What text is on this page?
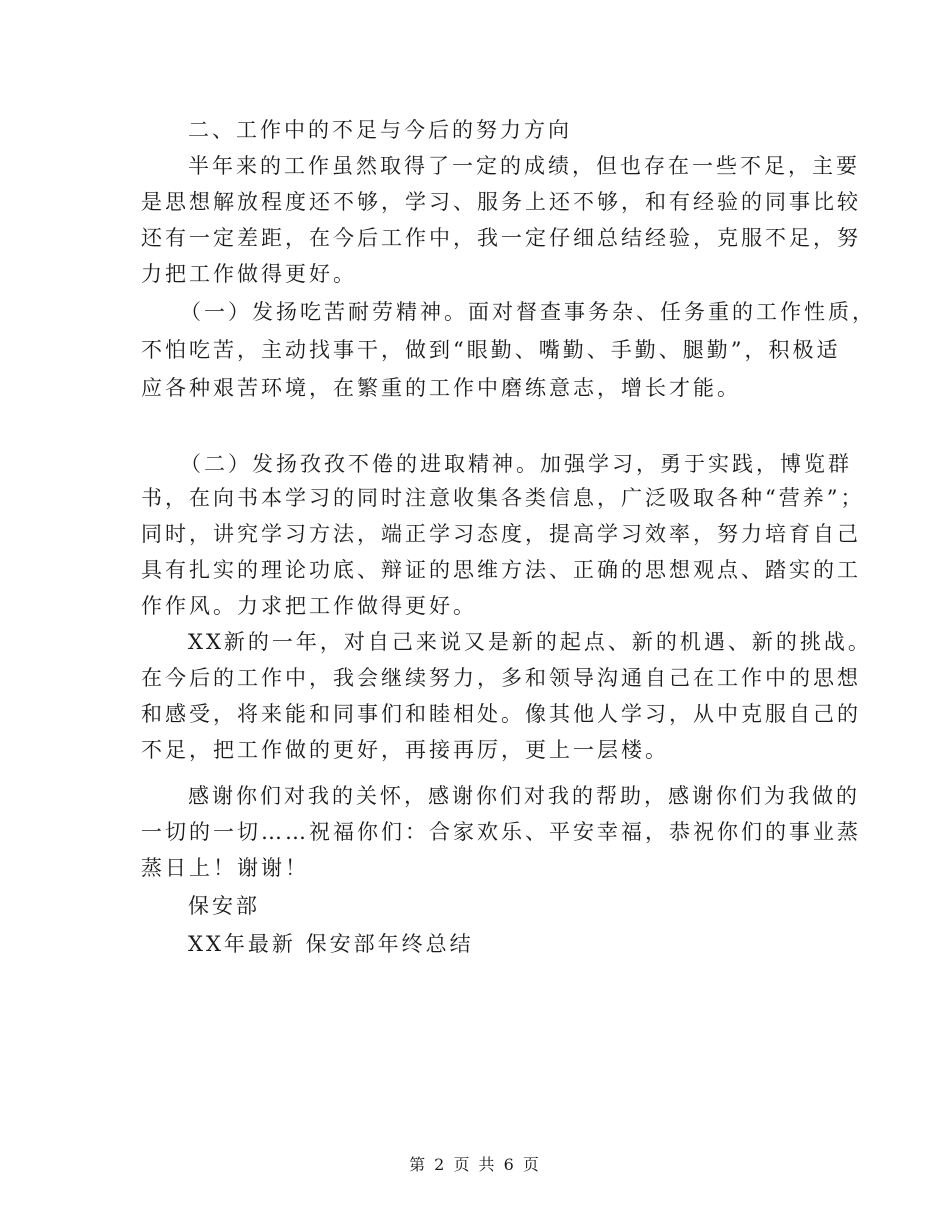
二、工作中的不足与今后的努力方向

半年来的工作虽然取得了一定的成绩，但也存在一些不足，主要

是思想解放程度还不够，学习、服务上还不够，和有经验的同事比较

还有一定差距，在今后工作中，我一定仔细总结经验，克服不足，努

力把工作做得更好。

（一）发扬吃苦耐劳精神。面对督查事务杂、任务重的工作性质，

不怕吃苦，主动找事干，做到“眼勤、嘴勤、手勤、腿勤”，积极适

应各种艰苦环境，在繁重的工作中磨练意志，增长才能。

（二）发扬孜孜不倦的进取精神。加强学习，勇于实践，博览群

书，在向书本学习的同时注意收集各类信息，广泛吸取各种“营养”；

同时，讲究学习方法，端正学习态度，提高学习效率，努力培育自己

具有扎实的理论功底、辩证的思维方法、正确的思想观点、踏实的工

作作风。力求把工作做得更好。

XX新的一年，对自己来说又是新的起点、新的机遇、新的挑战。

在今后的工作中，我会继续努力，多和领导沟通自己在工作中的思想

和感受，将来能和同事们和睦相处。像其他人学习，从中克服自己的

不足，把工作做的更好，再接再厉，更上一层楼。

感谢你们对我的关怀，感谢你们对我的帮助，感谢你们为我做的

一切的一切……祝福你们：合家欢乐、平安幸福，恭祝你们的事业蒸

蒸日上！谢谢！

保安部

XX年最新 保安部年终总结

第 2 页 共 6 页
